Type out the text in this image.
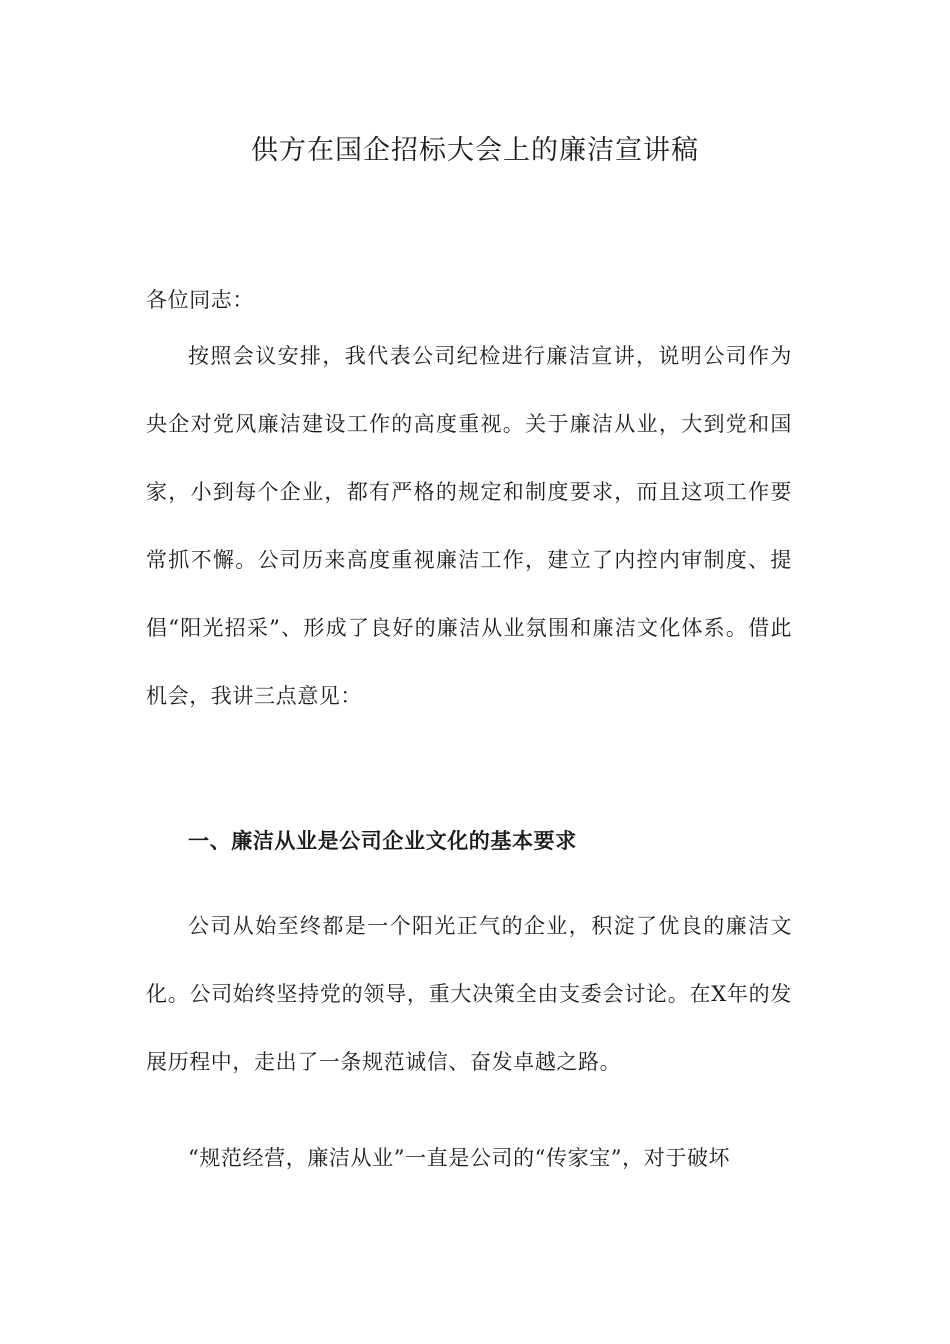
供方在国企招标大会上的廉洁宣讲稿

各位同志：

按照会议安排，我代表公司纪检进行廉洁宣讲，说明公司作为央企对党风廉洁建设工作的高度重视。关于廉洁从业，大到党和国家，小到每个企业，都有严格的规定和制度要求，而且这项工作要常抓不懈。公司历来高度重视廉洁工作，建立了内控内审制度、提倡“阳光招采”、形成了良好的廉洁从业氛围和廉洁文化体系。借此机会，我讲三点意见：

一、廉洁从业是公司企业文化的基本要求

公司从始至终都是一个阳光正气的企业，积淀了优良的廉洁文化。公司始终坚持党的领导，重大决策全由支委会讨论。在X年的发展历程中，走出了一条规范诚信、奋发卓越之路。

“规范经营，廉洁从业”一直是公司的“传家宝”，对于破坏
